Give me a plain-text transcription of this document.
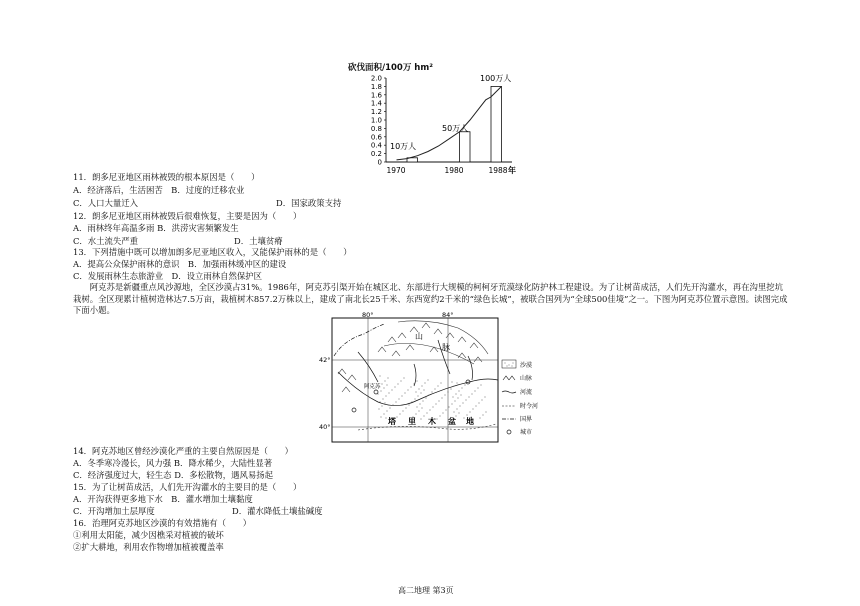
砍伐面积/100万 hm²
0
0.2
0.4
0.6
0.8
1.0
1.2
1.4
1.6
1.8
2.0
1970	1980	1988 年
10万人
50万人
100万人
11．朗多尼亚地区雨林被毁的根本原因是（　　）
A．经济落后，生活困苦　B．过度的迁移农业
C．人口大量迁入	D．国家政策支持
12．朗多尼亚地区雨林被毁后很难恢复，主要是因为（　　）
A．雨林终年高温多雨 B．洪涝灾害频繁发生
C．水土流失严重	D．土壤贫瘠
13．下列措施中既可以增加朗多尼亚地区收入，又能保护雨林的是（　　）
A．提高公众保护雨林的意识　B．加强雨林缓冲区的建设
C．发展雨林生态旅游业　D．设立雨林自然保护区
阿克苏是新疆重点风沙源地，全区沙漠占31%。1986年，阿克苏引渠开始在城区北、东部进行大规模的柯柯牙荒漠绿化防护林工程建设。为了让树苗成活，人们先开沟灌水，再在沟里挖坑栽树。全区现累计植树造林达7.5万亩，栽植树木857.2万株以上，建成了南北长25千米、东西宽约2千米的“绿色长城”，被联合国列为“全球500佳境”之一。下图为阿克苏位置示意图。读图完成下面小题。	80°	84°
42°
40°
阿克苏
山
脉
塔 里 木 盆 地
沙漠
山脉
河流
时令河
国界
城市
14．阿克苏地区曾经沙漠化严重的主要自然原因是（　　）
A．冬季寒冷漫长，风力强 B．降水稀少，大陆性显著
C．经济强度过大，轻生态 D．多松散物，遇风易扬起
15．为了让树苗成活，人们先开沟灌水的主要目的是（　　）
A．开沟获得更多地下水　B．灌水增加土壤黏度
C．开沟增加土层厚度	D．灌水降低土壤盐碱度
16．治理阿克苏地区沙漠的有效措施有（　　）
①利用太阳能，减少因樵采对植被的破坏
②扩大耕地，利用农作物增加植被覆盖率
高二地理 第3页
